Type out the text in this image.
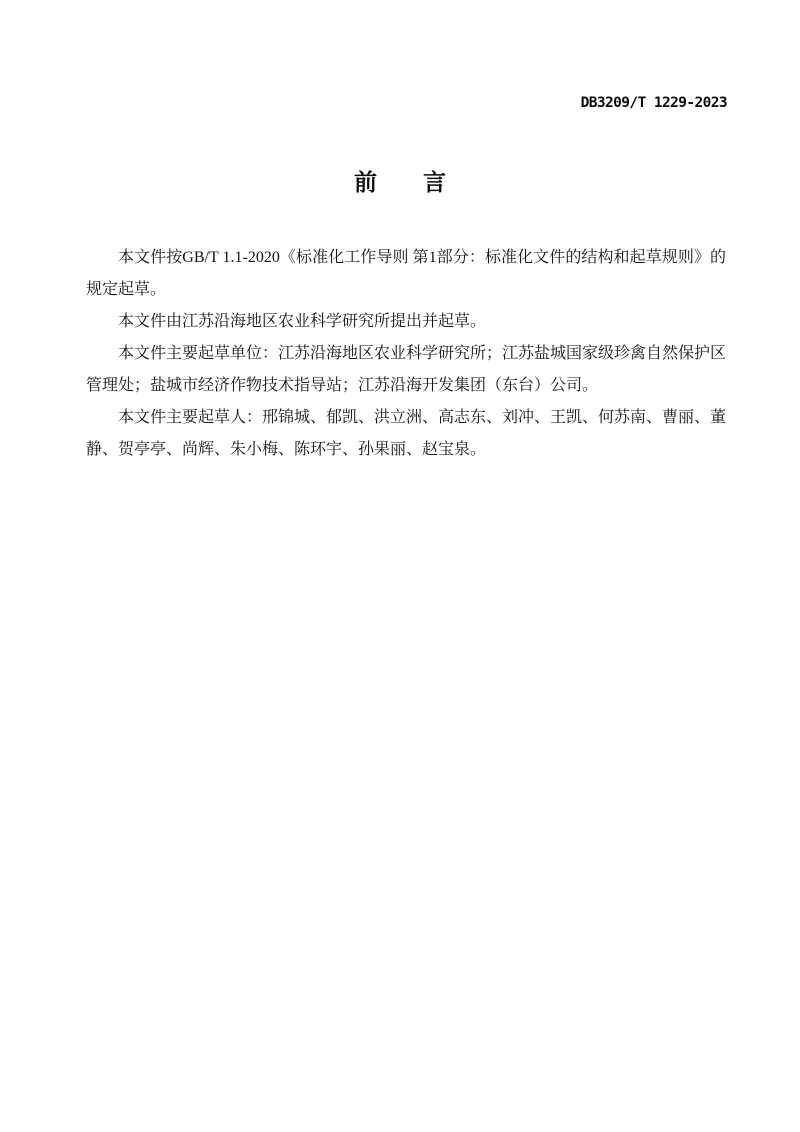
DB3209/T 1229-2023
前　　言

本文件按GB/T 1.1-2020《标准化工作导则 第1部分：标准化文件的结构和起草规则》的规定起草。

本文件由江苏沿海地区农业科学研究所提出并起草。

本文件主要起草单位：江苏沿海地区农业科学研究所；江苏盐城国家级珍禽自然保护区管理处；盐城市经济作物技术指导站；江苏沿海开发集团（东台）公司。

本文件主要起草人：邢锦城、郁凯、洪立洲、高志东、刘冲、王凯、何苏南、曹丽、董静、贺亭亭、尚辉、朱小梅、陈环宇、孙果丽、赵宝泉。
